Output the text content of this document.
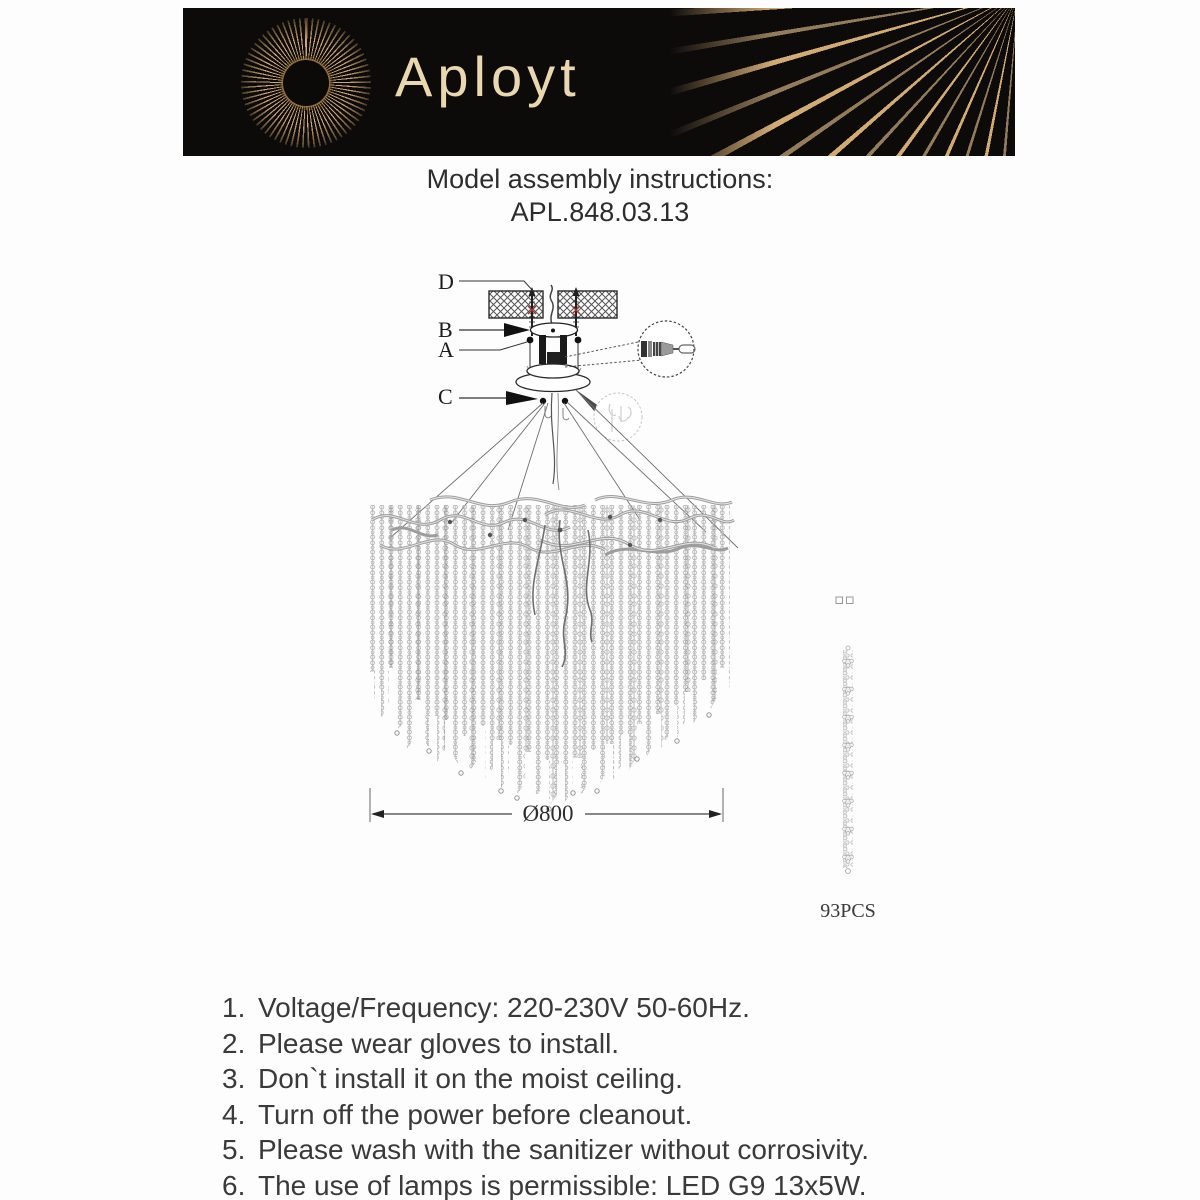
Aployt
Model assembly instructions:
APL.848.03.13
D
B
A
C
Ø800
93PCS
1. Voltage/Frequency: 220-230V 50-60Hz.
2. Please wear gloves to install.
3. Don`t install it on the moist ceiling.
4. Turn off the power before cleanout.
5. Please wash with the sanitizer without corrosivity.
6. The use of lamps is permissible: LED G9 13x5W.
